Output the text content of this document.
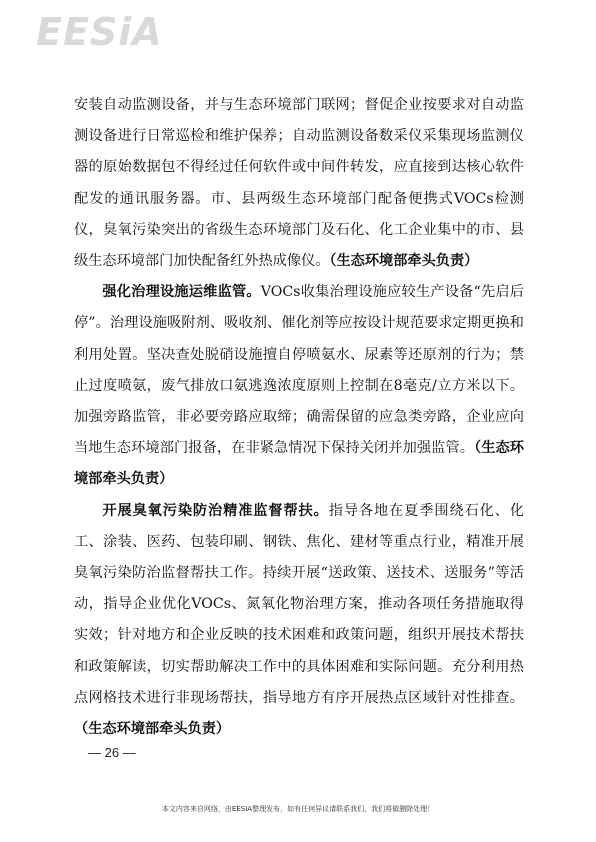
EESiA

安装自动监测设备，并与生态环境部门联网；督促企业按要求对自动监测设备进行日常巡检和维护保养；自动监测设备数采仪采集现场监测仪器的原始数据包不得经过任何软件或中间件转发，应直接到达核心软件配发的通讯服务器。市、县两级生态环境部门配备便携式VOCs检测仪，臭氧污染突出的省级生态环境部门及石化、化工企业集中的市、县级生态环境部门加快配备红外热成像仪。（生态环境部牵头负责）

强化治理设施运维监管。VOCs收集治理设施应较生产设备“先启后停”。治理设施吸附剂、吸收剂、催化剂等应按设计规范要求定期更换和利用处置。坚决查处脱硝设施擅自停喷氨水、尿素等还原剂的行为；禁止过度喷氨，废气排放口氨逃逸浓度原则上控制在8毫克/立方米以下。加强旁路监管，非必要旁路应取缔；确需保留的应急类旁路，企业应向当地生态环境部门报备，在非紧急情况下保持关闭并加强监管。（生态环境部牵头负责）

开展臭氧污染防治精准监督帮扶。指导各地在夏季围绕石化、化工、涂装、医药、包装印刷、钢铁、焦化、建材等重点行业，精准开展臭氧污染防治监督帮扶工作。持续开展“送政策、送技术、送服务”等活动，指导企业优化VOCs、氮氧化物治理方案，推动各项任务措施取得实效；针对地方和企业反映的技术困难和政策问题，组织开展技术帮扶和政策解读，切实帮助解决工作中的具体困难和实际问题。充分利用热点网格技术进行非现场帮扶，指导地方有序开展热点区域针对性排查。（生态环境部牵头负责）

— 26 —
本文内容来自网络，由EESIA整理发布，如有任何异议请联系我们，我们将做删除处理！
